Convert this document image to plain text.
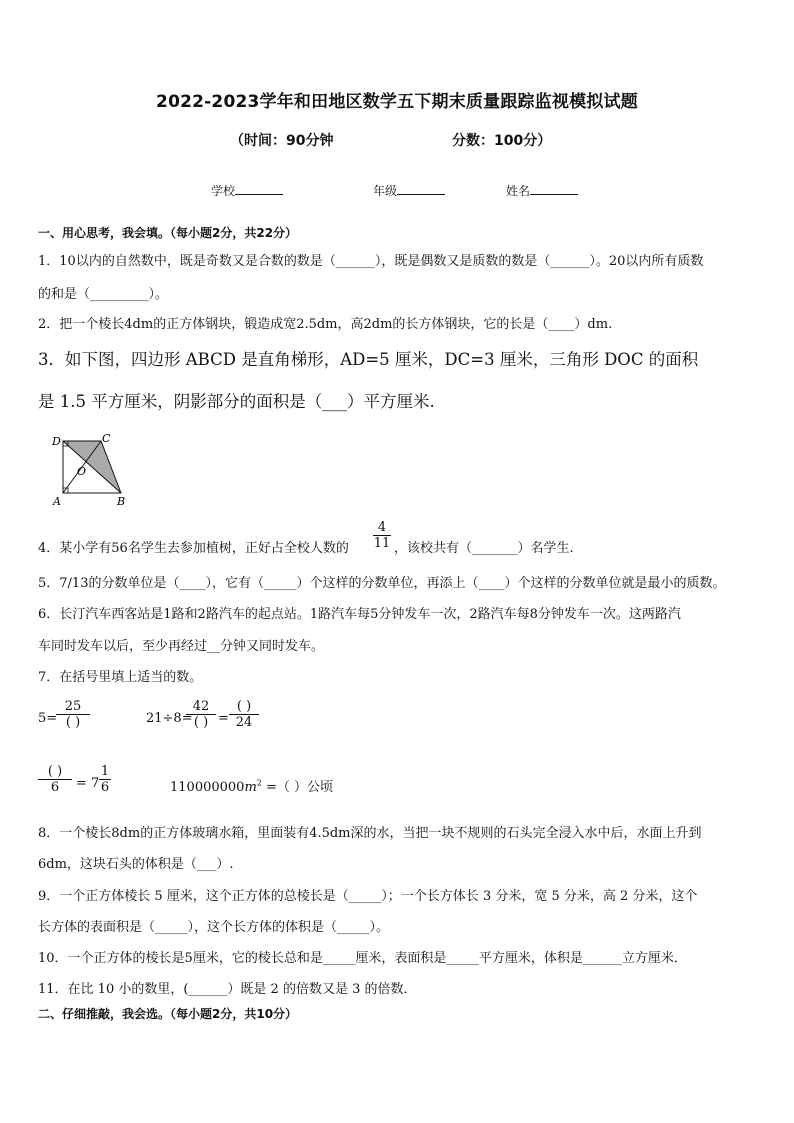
2022-2023学年和田地区数学五下期末质量跟踪监视模拟试题
（时间：90分钟	分数：100分）
学校	年级	姓名
一、用心思考，我会填。（每小题2分，共22分）
1．10以内的自然数中，既是奇数又是合数的数是（______），既是偶数又是质数的数是（______）。20以内所有质数
的和是（_________）。
2．把一个棱长4dm的正方体钢块，锻造成宽2.5dm，高2dm的长方体钢块，它的长是（____）dm.
3．如下图，四边形 ABCD 是直角梯形，AD=5 厘米，DC=3 厘米，三角形 DOC 的面积
是 1.5 平方厘米，阴影部分的面积是（___）平方厘米.
D	C
O
A	B
4．某小学有56名学生去参加植树，正好占全校人数的 $\frac{4}{11}$ ，该校共有（_______）名学生.
5．7/13的分数单位是（____），它有（_____）个这样的分数单位，再添上（____）个这样的分数单位就是最小的质数。
6．长汀汽车西客站是1路和2路汽车的起点站。1路汽车每5分钟发车一次，2路汽车每8分钟发车一次。这两路汽
车同时发车以后，至少再经过__分钟又同时发车。
7．在括号里填上适当的数。
5=
25
( )	21÷8=
42
( ) =
( )
24
( )
6	= $7 \frac{1}{6}$	$110000000m^2$ =（ ）公顷
8．一个棱长8dm的正方体玻璃水箱，里面装有4.5dm深的水，当把一块不规则的石头完全浸入水中后，水面上升到
6dm，这块石头的体积是（___）.
9．一个正方体棱长 5 厘米，这个正方体的总棱长是（_____）；一个长方体长 3 分米，宽 5 分米，高 2 分米，这个
长方体的表面积是（_____），这个长方体的体积是（_____）。
10．一个正方体的棱长是5厘米，它的棱长总和是_____厘米，表面积是_____平方厘米，体积是______立方厘米．
11．在比 10 小的数里，(______）既是 2 的倍数又是 3 的倍数．
二、仔细推敲，我会选。（每小题2分，共10分）
